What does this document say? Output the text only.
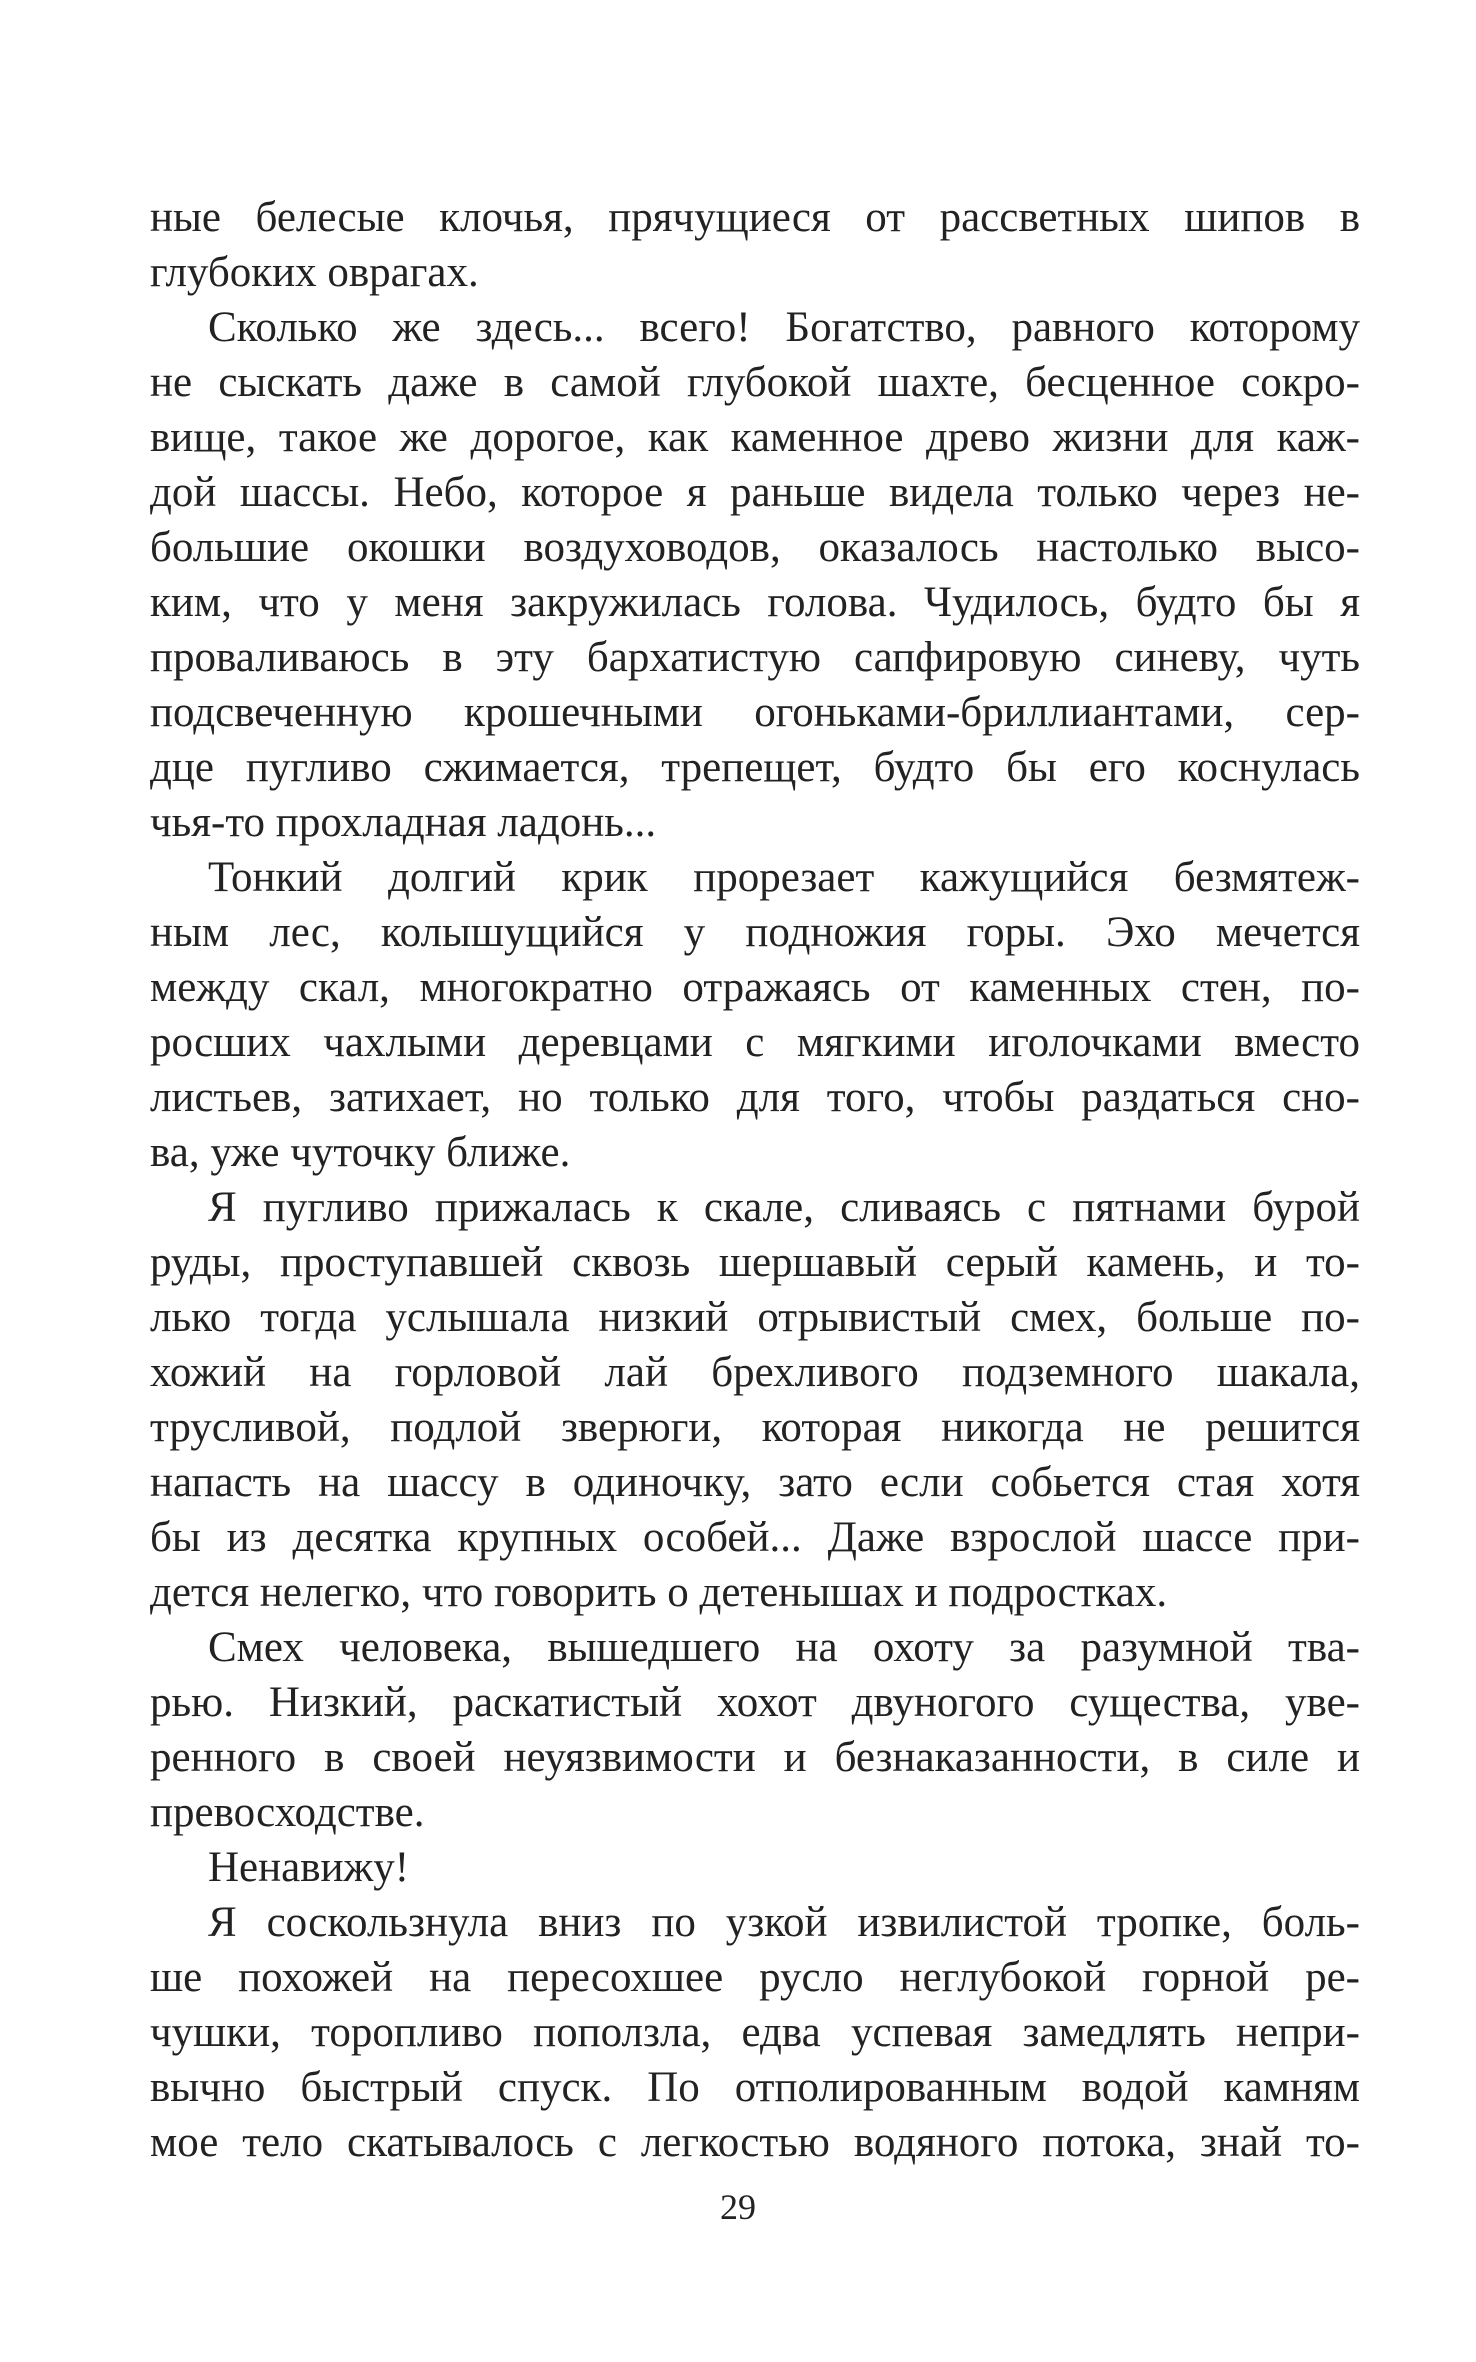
ные белесые клочья, прячущиеся от рассветных шипов в
глубоких оврагах.
Сколько же здесь... всего! Богатство, равного которому
не сыскать даже в самой глубокой шахте, бесценное сокро-
вище, такое же дорогое, как каменное древо жизни для каж-
дой шассы. Небо, которое я раньше видела только через не-
большие окошки воздуховодов, оказалось настолько высо-
ким, что у меня закружилась голова. Чудилось, будто бы я
проваливаюсь в эту бархатистую сапфировую синеву, чуть
подсвеченную крошечными огоньками-бриллиантами, сер-
дце пугливо сжимается, трепещет, будто бы его коснулась
чья-то прохладная ладонь...
Тонкий долгий крик прорезает кажущийся безмятеж-
ным лес, колышущийся у подножия горы. Эхо мечется
между скал, многократно отражаясь от каменных стен, по-
росших чахлыми деревцами с мягкими иголочками вместо
листьев, затихает, но только для того, чтобы раздаться сно-
ва, уже чуточку ближе.
Я пугливо прижалась к скале, сливаясь с пятнами бурой
руды, проступавшей сквозь шершавый серый камень, и то-
лько тогда услышала низкий отрывистый смех, больше по-
хожий на горловой лай брехливого подземного шакала,
трусливой, подлой зверюги, которая никогда не решится
напасть на шассу в одиночку, зато если собьется стая хотя
бы из десятка крупных особей... Даже взрослой шассе при-
дется нелегко, что говорить о детенышах и подростках.
Смех человека, вышедшего на охоту за разумной тва-
рью. Низкий, раскатистый хохот двуногого существа, уве-
ренного в своей неуязвимости и безнаказанности, в силе и
превосходстве.
Ненавижу!
Я соскользнула вниз по узкой извилистой тропке, боль-
ше похожей на пересохшее русло неглубокой горной ре-
чушки, торопливо поползла, едва успевая замедлять непри-
вычно быстрый спуск. По отполированным водой камням
мое тело скатывалось с легкостью водяного потока, знай то-
29
